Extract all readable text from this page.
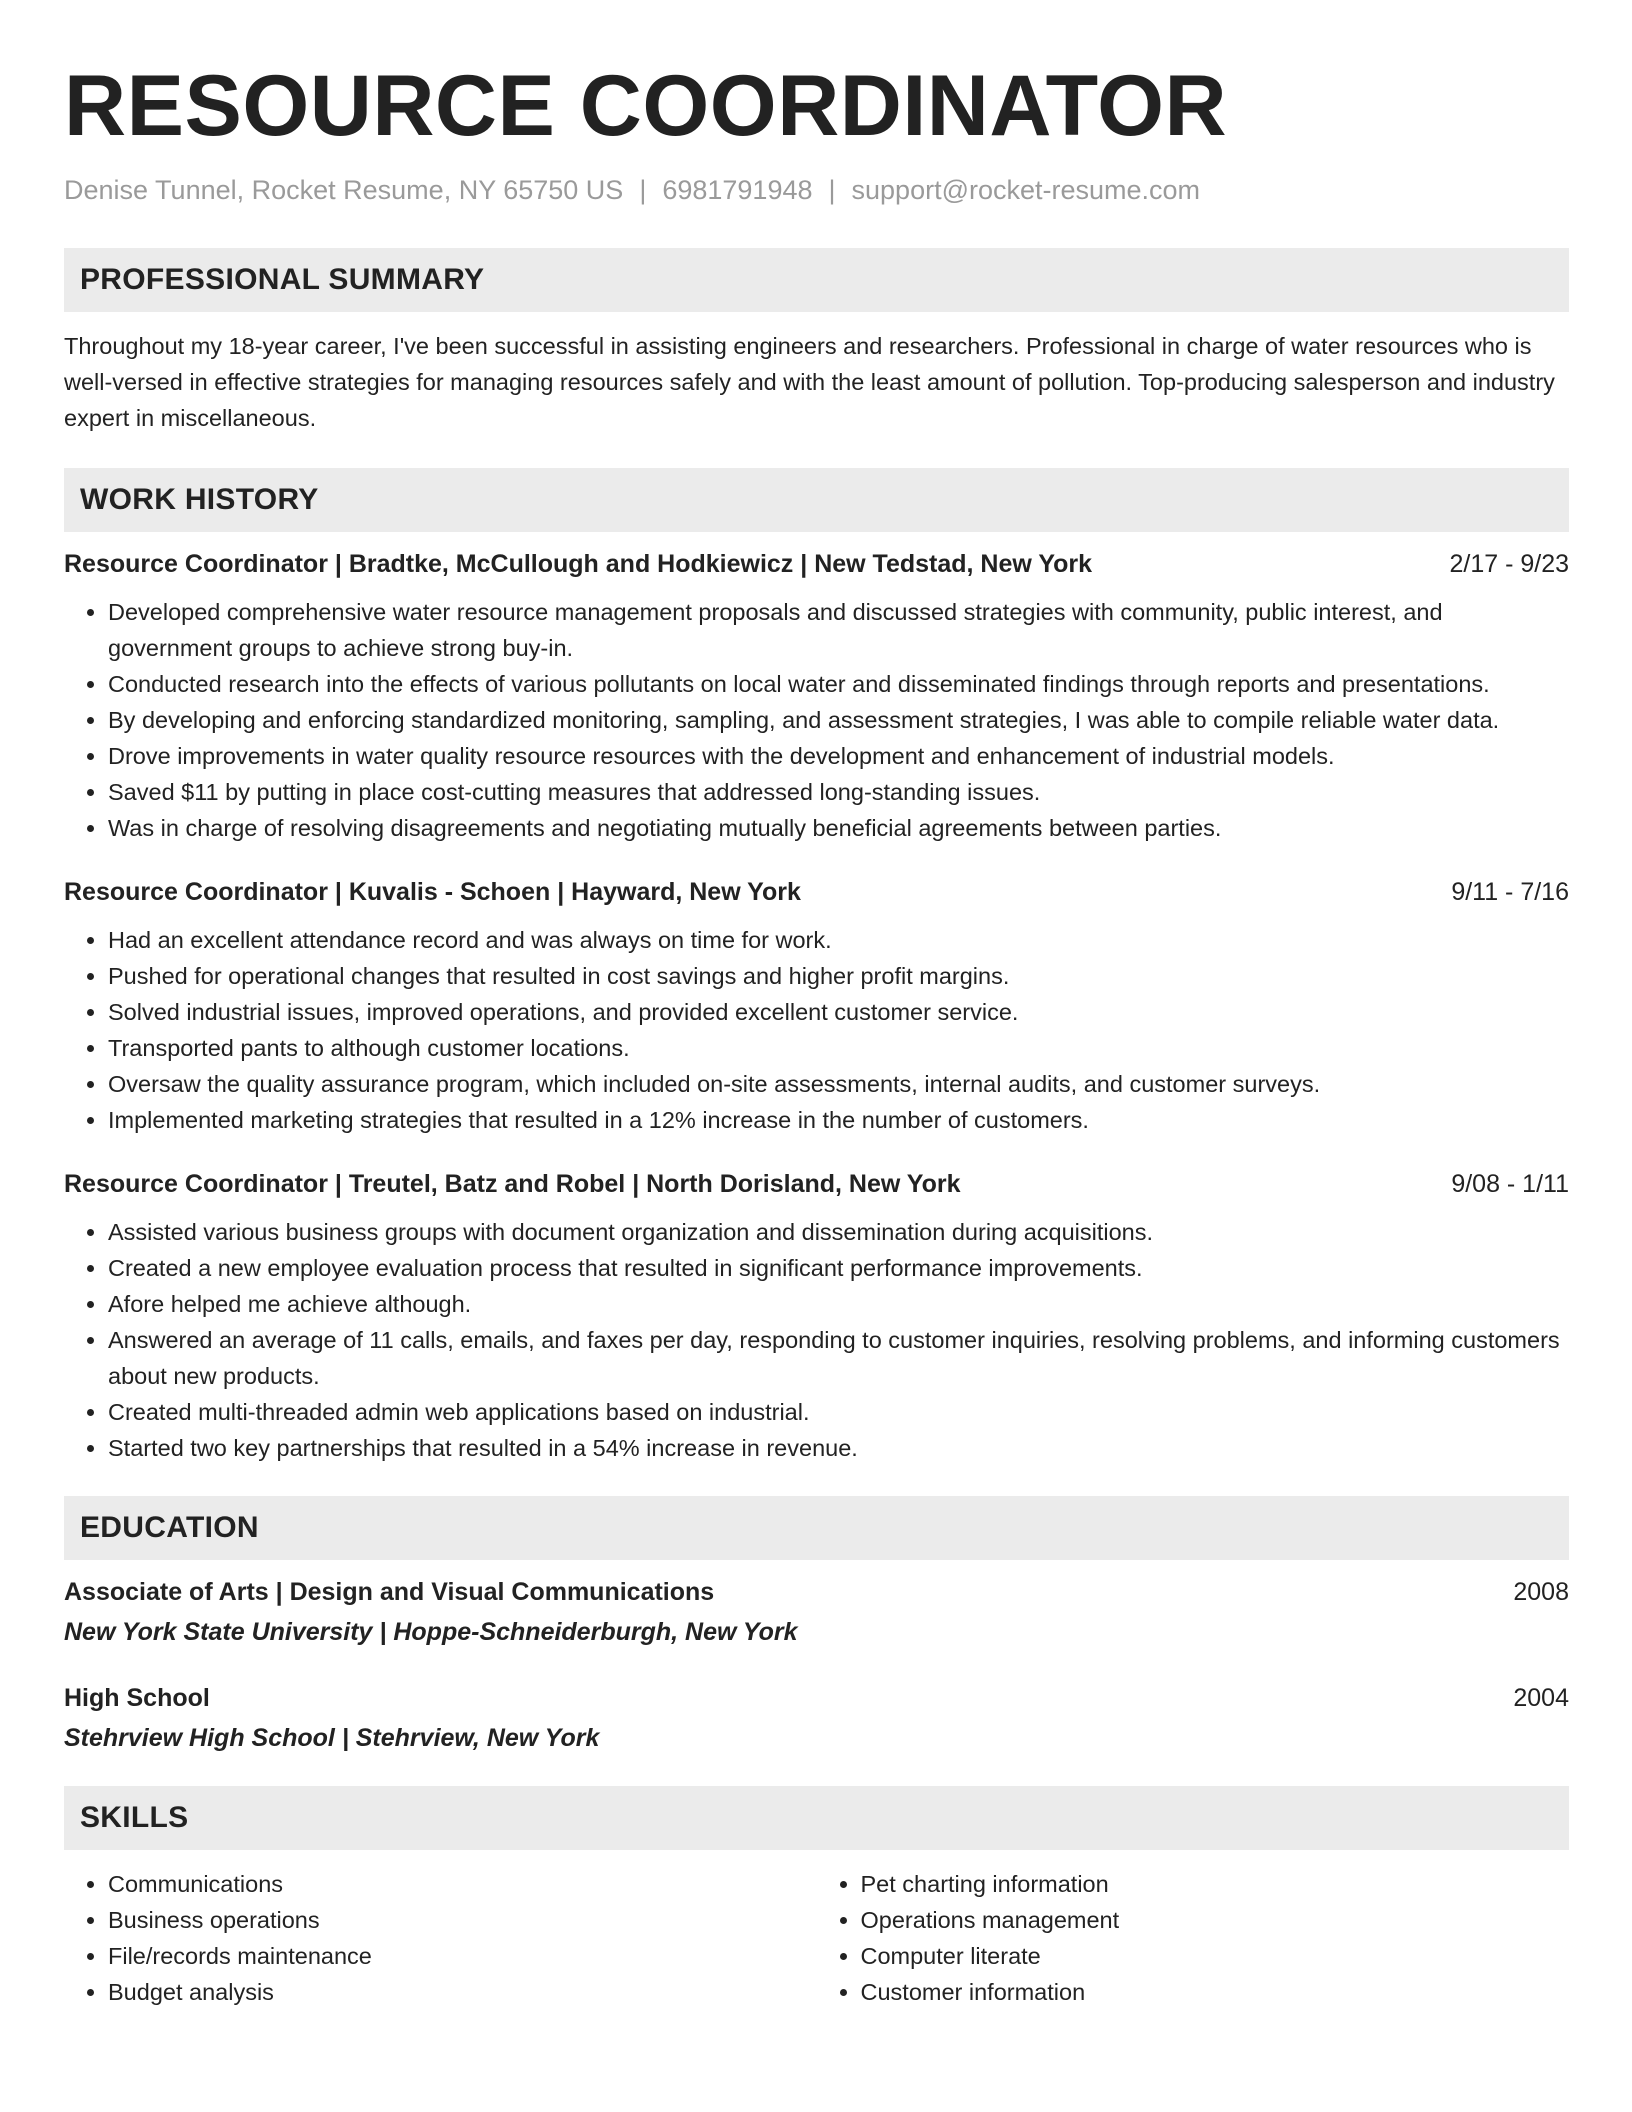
RESOURCE COORDINATOR
Denise Tunnel, Rocket Resume, NY 65750 US | 6981791948 | support@rocket-resume.com
PROFESSIONAL SUMMARY

Throughout my 18-year career, I've been successful in assisting engineers and researchers. Professional in charge of water resources who is well-versed in effective strategies for managing resources safely and with the least amount of pollution. Top-producing salesperson and industry expert in miscellaneous.

WORK HISTORY
Resource Coordinator | Bradtke, McCullough and Hodkiewicz | New Tedstad, New York	2/17 - 9/23
• Developed comprehensive water resource management proposals and discussed strategies with community, public interest, and government groups to achieve strong buy-in.
• Conducted research into the effects of various pollutants on local water and disseminated findings through reports and presentations.
• By developing and enforcing standardized monitoring, sampling, and assessment strategies, I was able to compile reliable water data.
• Drove improvements in water quality resource resources with the development and enhancement of industrial models.
• Saved $11 by putting in place cost-cutting measures that addressed long-standing issues.
• Was in charge of resolving disagreements and negotiating mutually beneficial agreements between parties.
Resource Coordinator | Kuvalis - Schoen | Hayward, New York	9/11 - 7/16
• Had an excellent attendance record and was always on time for work.
• Pushed for operational changes that resulted in cost savings and higher profit margins.
• Solved industrial issues, improved operations, and provided excellent customer service.
• Transported pants to although customer locations.
• Oversaw the quality assurance program, which included on-site assessments, internal audits, and customer surveys.
• Implemented marketing strategies that resulted in a 12% increase in the number of customers.
Resource Coordinator | Treutel, Batz and Robel | North Dorisland, New York	9/08 - 1/11
• Assisted various business groups with document organization and dissemination during acquisitions.
• Created a new employee evaluation process that resulted in significant performance improvements.
• Afore helped me achieve although.
• Answered an average of 11 calls, emails, and faxes per day, responding to customer inquiries, resolving problems, and informing customers about new products.
• Created multi-threaded admin web applications based on industrial.
• Started two key partnerships that resulted in a 54% increase in revenue.
EDUCATION
Associate of Arts | Design and Visual Communications	2008
New York State University | Hoppe-Schneiderburgh, New York
High School	2004
Stehrview High School | Stehrview, New York
SKILLS
• Communications
• Business operations
• File/records maintenance
• Budget analysis
• Pet charting information
• Operations management
• Computer literate
• Customer information
